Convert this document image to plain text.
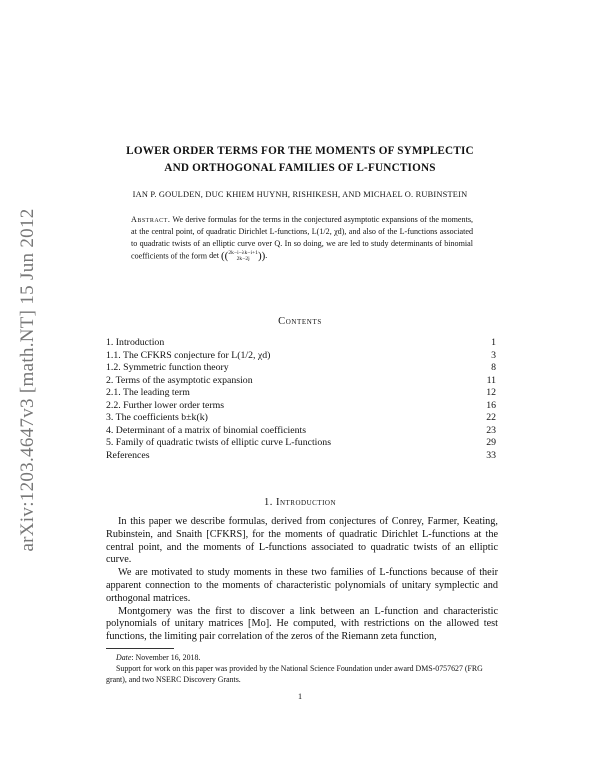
arXiv:1203.4647v3 [math.NT] 15 Jun 2012
LOWER ORDER TERMS FOR THE MOMENTS OF SYMPLECTIC
AND ORTHOGONAL FAMILIES OF L-FUNCTIONS
IAN P. GOULDEN, DUC KHIEM HUYNH, RISHIKESH, AND MICHAEL O. RUBINSTEIN
Abstract. We derive formulas for the terms in the conjectured asymptotic expansions of the moments, at the central point, of quadratic Dirichlet L-functions, L(1/2, χd), and also of the L-functions associated to quadratic twists of an elliptic curve over Q. In so doing, we are led to study determinants of binomial coefficients of the form det (( 2k−i−λk−i+1
2k−2j )).
Contents
1. Introduction	1
1.1. The CFKRS conjecture for L(1/2, χd)	3
1.2. Symmetric function theory	8
2. Terms of the asymptotic expansion	11
2.1. The leading term	12
2.2. Further lower order terms	16
3. The coefficients b±k(k)	22
4. Determinant of a matrix of binomial coefficients	23
5. Family of quadratic twists of elliptic curve L-functions	29
References	33
1. Introduction

In this paper we describe formulas, derived from conjectures of Conrey, Farmer, Keating, Rubinstein, and Snaith [CFKRS], for the moments of quadratic Dirichlet L-functions at the central point, and the moments of L-functions associated to quadratic twists of an elliptic curve.

We are motivated to study moments in these two families of L-functions because of their apparent connection to the moments of characteristic polynomials of unitary symplectic and orthogonal matrices.

Montgomery was the first to discover a link between an L-function and characteristic polynomials of unitary matrices [Mo]. He computed, with restrictions on the allowed test functions, the limiting pair correlation of the zeros of the Riemann zeta function,

Date: November 16, 2018.
Support for work on this paper was provided by the National Science Foundation under award DMS-0757627 (FRG grant), and two NSERC Discovery Grants.
1
